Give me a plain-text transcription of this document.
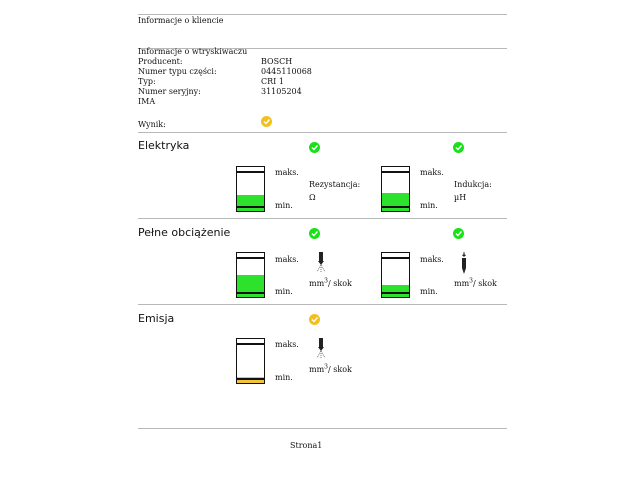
Informacje o kliencie
Informacje o wtryskiwaczu
Producent:	BOSCH
Numer typu części:	0445110068
Typ:	CRI 1
Numer seryjny:	31105204
IMA
Wynik:
Elektryka
maks.
min.
Rezystancja:
Ω
maks.
min.
Indukcja:
µH
Pełne obciążenie
maks.
min.
$mm^3/$ skok
maks.
min.
$mm^3/$ skok
Emisja
maks.
min.
$mm^3/$ skok
Strona1
